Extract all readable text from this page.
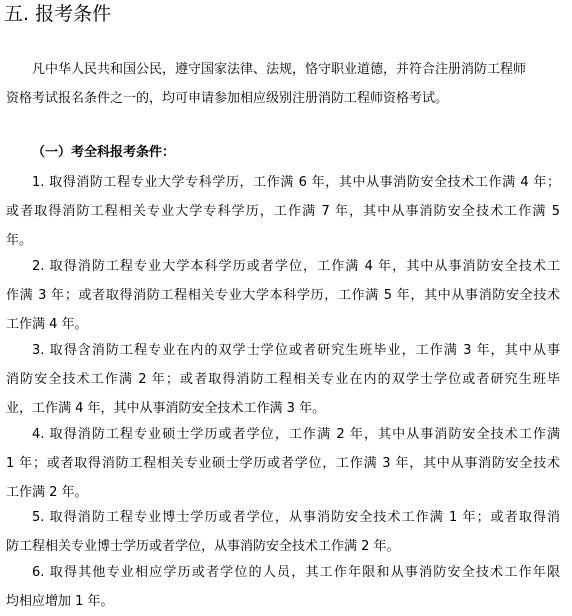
五. 报考条件

凡中华人民共和国公民，遵守国家法律、法规，恪守职业道德，并符合注册消防工程师
资格考试报名条件之一的，均可申请参加相应级别注册消防工程师资格考试。

（一）考全科报考条件：

1. 取得消防工程专业大学专科学历，工作满 6 年，其中从事消防安全技术工作满 4 年；
或者取得消防工程相关专业大学专科学历，工作满 7 年，其中从事消防安全技术工作满 5
年。

2. 取得消防工程专业大学本科学历或者学位，工作满 4 年，其中从事消防安全技术工
作满 3 年；或者取得消防工程相关专业大学本科学历，工作满 5 年，其中从事消防安全技术
工作满 4 年。

3. 取得含消防工程专业在内的双学士学位或者研究生班毕业，工作满 3 年，其中从事
消防安全技术工作满 2 年；或者取得消防工程相关专业在内的双学士学位或者研究生班毕
业，工作满 4 年，其中从事消防安全技术工作满 3 年。

4. 取得消防工程专业硕士学历或者学位，工作满 2 年，其中从事消防安全技术工作满
1 年；或者取得消防工程相关专业硕士学历或者学位，工作满 3 年，其中从事消防安全技术
工作满 2 年。

5. 取得消防工程专业博士学历或者学位，从事消防安全技术工作满 1 年；或者取得消
防工程相关专业博士学历或者学位，从事消防安全技术工作满 2 年。

6. 取得其他专业相应学历或者学位的人员，其工作年限和从事消防安全技术工作年限
均相应增加 1 年。
